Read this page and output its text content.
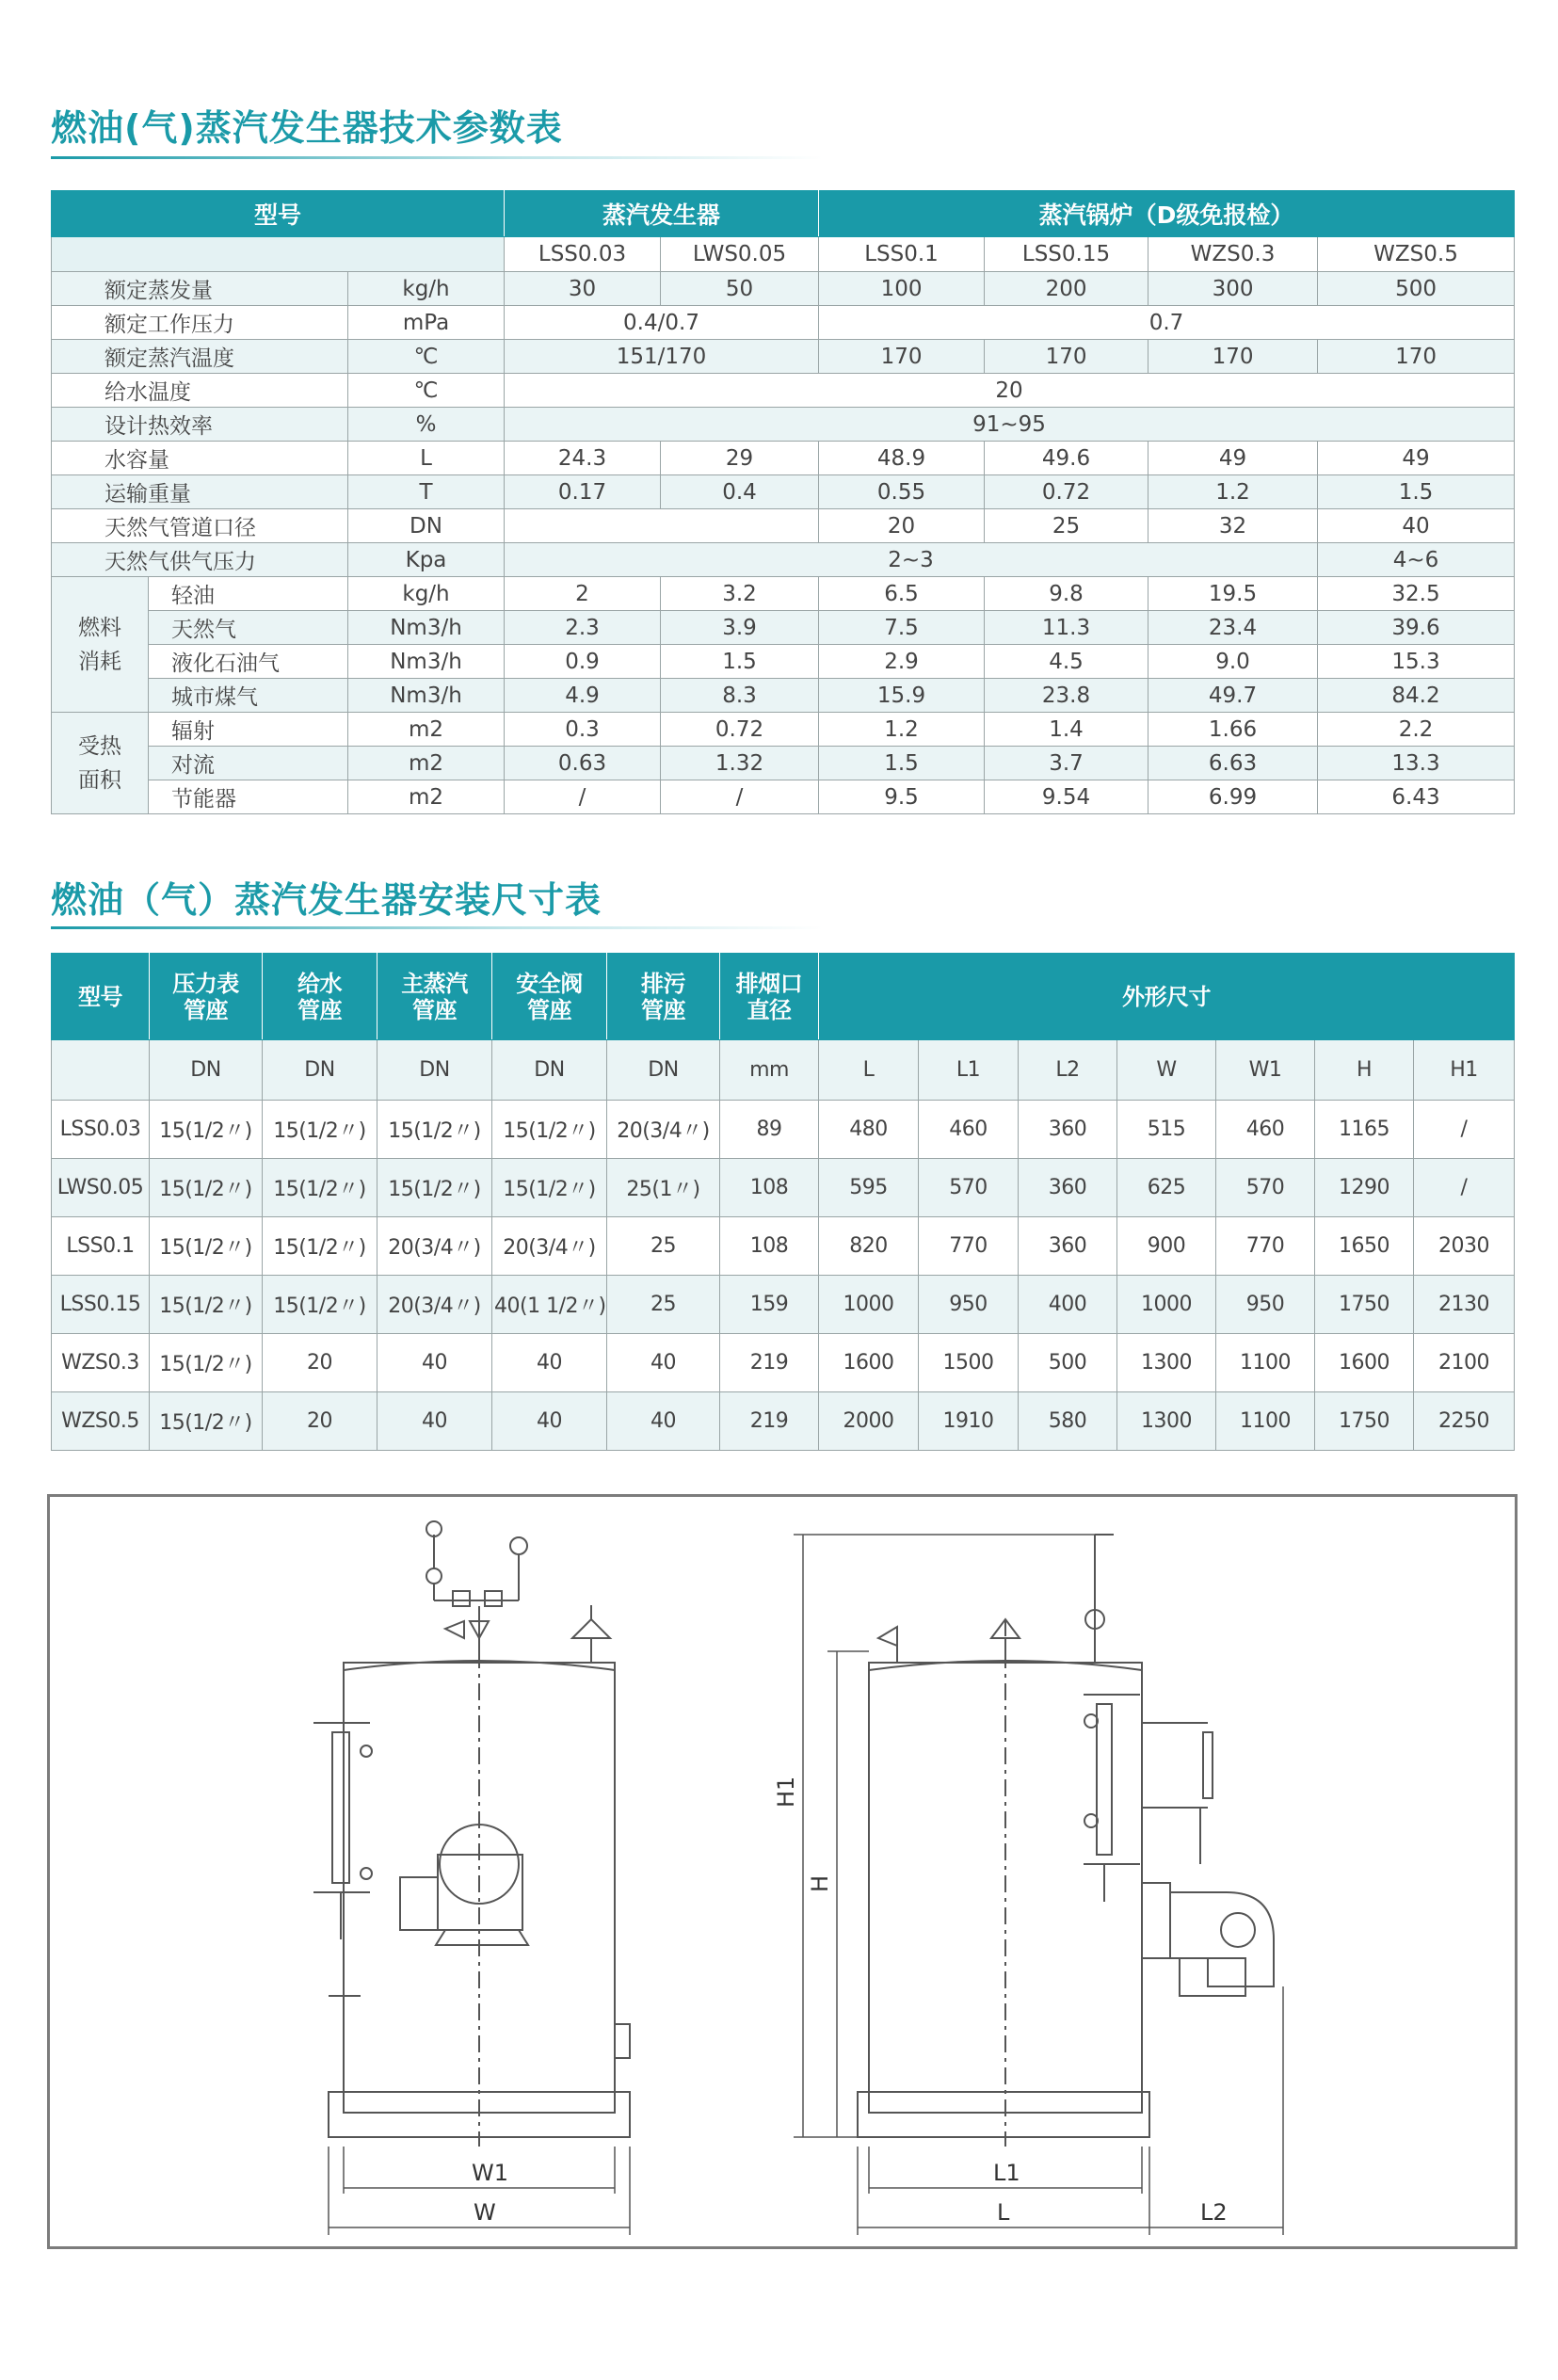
燃油(气)蒸汽发生器技术参数表
型号			蒸汽发生器		蒸汽锅炉（D级免报检）			
			LSS0.03	LWS0.05	LSS0.1	LSS0.15	WZS0.3	WZS0.5
额定蒸发量		kg/h	30	50	100	200	300	500
额定工作压力		mPa	0.4/0.7		0.7			
额定蒸汽温度		℃	151/170		170	170	170	170
给水温度		℃	20					
设计热效率		%	91~95					
水容量		L	24.3	29	48.9	49.6	49	49
运输重量		T	0.17	0.4	0.55	0.72	1.2	1.5
天然气管道口径		DN			20	25	32	40
天然气供气压力		Kpa	2~3					4~6
燃料消耗	轻油	kg/h	2	3.2	6.5	9.8	19.5	32.5
	天然气	Nm3/h	2.3	3.9	7.5	11.3	23.4	39.6
	液化石油气	Nm3/h	0.9	1.5	2.9	4.5	9.0	15.3
	城市煤气	Nm3/h	4.9	8.3	15.9	23.8	49.7	84.2
受热面积	辐射	m2	0.3	0.72	1.2	1.4	1.66	2.2
	对流	m2	0.63	1.32	1.5	3.7	6.63	13.3
	节能器	m2	/	/	9.5	9.54	6.99	6.43
燃油（气）蒸汽发生器安装尺寸表
型号	压力表管座	给水管座	主蒸汽管座	安全阀管座	排污管座	排烟口直径	外形尺寸						
	DN	DN	DN	DN	DN	mm	L	L1	L2	W	W1	H	H1
LSS0.03	15(1/2〃)	15(1/2〃)	15(1/2〃)	15(1/2〃)	20(3/4〃)	89	480	460	360	515	460	1165	/
LWS0.05	15(1/2〃)	15(1/2〃)	15(1/2〃)	15(1/2〃)	25(1〃)	108	595	570	360	625	570	1290	/
LSS0.1	15(1/2〃)	15(1/2〃)	20(3/4〃)	20(3/4〃)	25	108	820	770	360	900	770	1650	2030
LSS0.15	15(1/2〃)	15(1/2〃)	20(3/4〃)	40(1 1/2〃)	25	159	1000	950	400	1000	950	1750	2130
WZS0.3	15(1/2〃)	20	40	40	40	219	1600	1500	500	1300	1100	1600	2100
WZS0.5	15(1/2〃)	20	40	40	40	219	2000	1910	580	1300	1100	1750	2250
W1
W
L1
L	L2
H1
H
